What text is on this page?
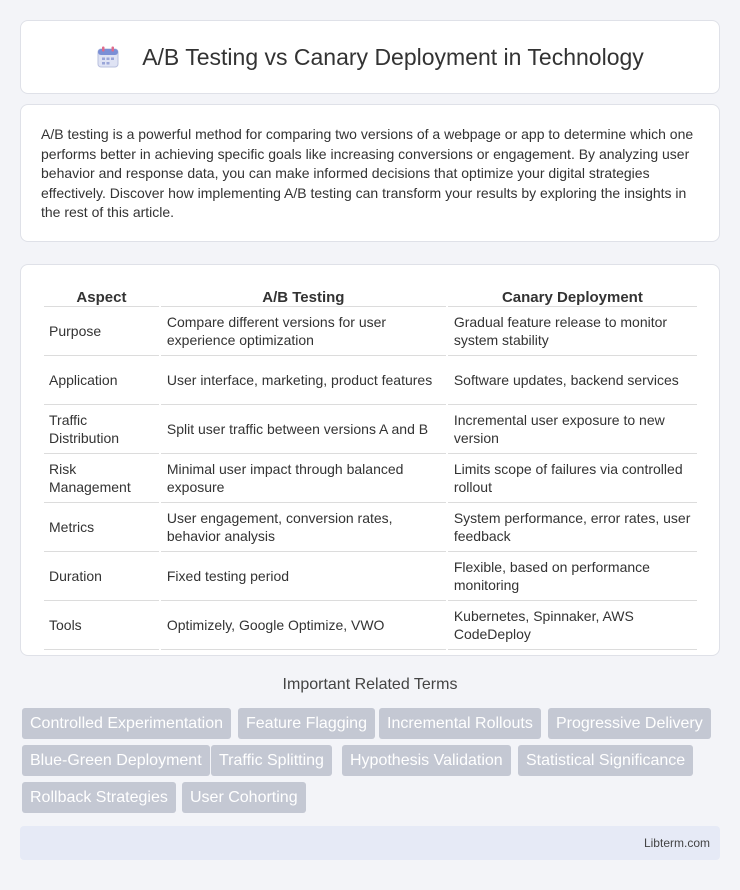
A/B Testing vs Canary Deployment in Technology

A/B testing is a powerful method for comparing two versions of a webpage or app to determine which one performs better in achieving specific goals like increasing conversions or engagement. By analyzing user behavior and response data, you can make informed decisions that optimize your digital strategies effectively. Discover how implementing A/B testing can transform your results by exploring the insights in the rest of this article.

Aspect	A/B Testing	Canary Deployment
Purpose	Compare different versions for user experience optimization	Gradual feature release to monitor system stability
Application	User interface, marketing, product features	Software updates, backend services
Traffic Distribution	Split user traffic between versions A and B	Incremental user exposure to new version
Risk Management	Minimal user impact through balanced exposure	Limits scope of failures via controlled rollout
Metrics	User engagement, conversion rates, behavior analysis	System performance, error rates, user feedback
Duration	Fixed testing period	Flexible, based on performance monitoring
Tools	Optimizely, Google Optimize, VWO	Kubernetes, Spinnaker, AWS CodeDeploy
Important Related Terms
Controlled Experimentation	Feature Flagging	Incremental Rollouts	Progressive Delivery
Blue-Green Deployment	Traffic Splitting	Hypothesis Validation	Statistical Significance
Rollback Strategies	User Cohorting
Libterm.com
